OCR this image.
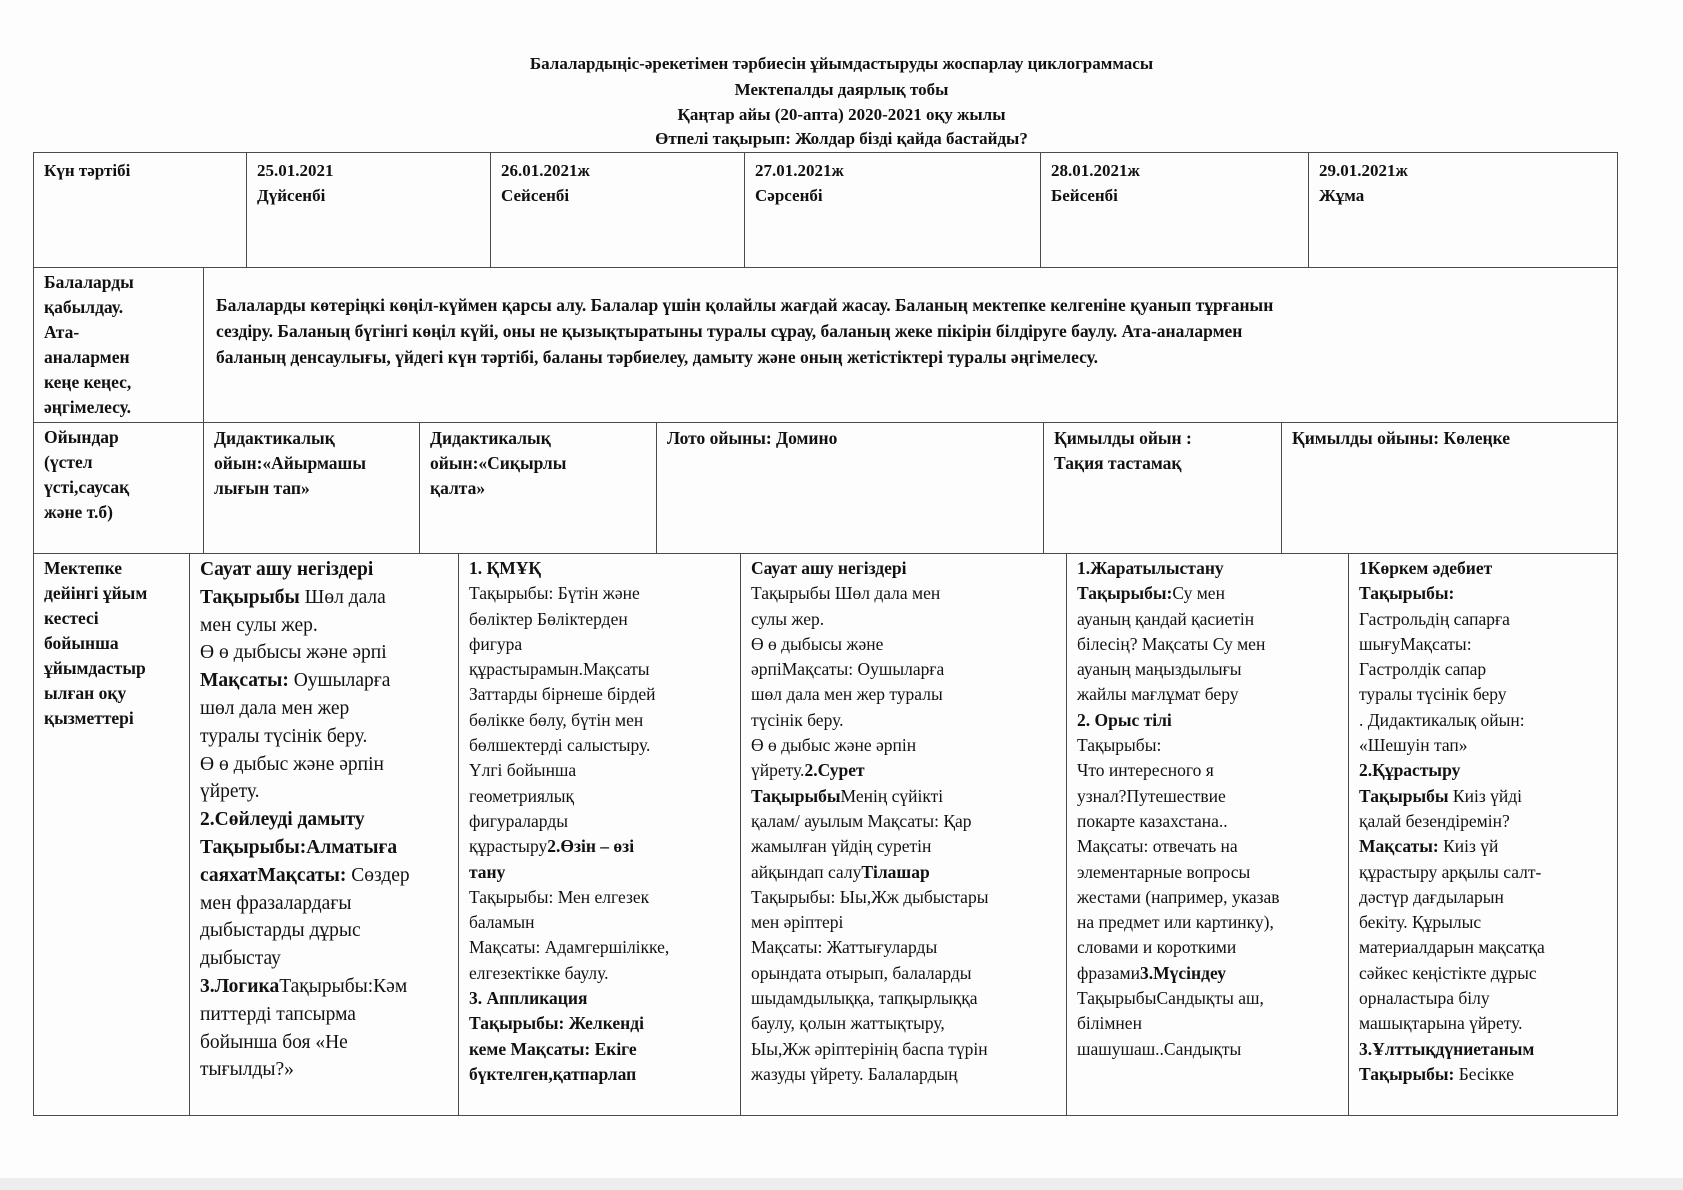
Балалардыңіс-әрекетімен тәрбиесін ұйымдастыруды жоспарлау циклограммасы
Мектепалды даярлық тобы
Қаңтар айы (20-апта) 2020-2021 оқу жылы
Өтпелі тақырып: Жолдар бізді қайда бастайды?
Күн тәртібі	25.01.2021
Дүйсенбі
26.01.2021ж
Сейсенбі
27.01.2021ж
Сәрсенбі
28.01.2021ж
Бейсенбі
29.01.2021ж
Жұма
Балаларды
қабылдау.
Ата-
аналармен
кеңе кеңес,
әңгімелесу.
Балаларды көтеріңкі көңіл-күймен қарсы алу. Балалар үшін қолайлы жағдай жасау. Баланың мектепке келгеніне қуанып тұрғанын
сездіру. Баланың бүгінгі көңіл күйі, оны не қызықтыратыны туралы сұрау, баланың жеке пікірін білдіруге баулу. Ата-аналармен
баланың денсаулығы, үйдегі күн тәртібі, баланы тәрбиелеу, дамыту және оның жетістіктері туралы әңгімелесу.
Ойындар
(үстел
үсті,саусақ
және т.б)
Дидактикалық
ойын:«Айырмашы
лығын тап»
Дидактикалық
ойын:«Сиқырлы
қалта»
Лото ойыны: Домино	Қимылды ойын :
Тақия тастамақ
Қимылды ойыны: Көлеңке
Мектепке
дейінгі ұйым
кестесі
бойынша
ұйымдастыр
ылған оқу
қызметтері
Сауат ашу негіздері
Тақырыбы Шөл дала
мен сулы жер.
Ө ө дыбысы және әрпі
Мақсаты: Оушыларға
шөл дала мен жер
туралы түсінік беру.
Ө ө дыбыс және әрпін
үйрету.
2.Сөйлеуді дамыту
Тақырыбы:Алматыға
саяхатМақсаты: Сөздер
мен фразалардағы
дыбыстарды дұрыс
дыбыстау
3.ЛогикаТақырыбы:Кәм
питтерді тапсырма
бойынша боя «Не
тығылды?»
1. ҚМҰҚ
Тақырыбы: Бүтін және
бөліктер Бөліктерден
фигура
құрастырамын.Мақсаты
Заттарды бірнеше бірдей
бөлікке бөлу, бүтін мен
бөлшектерді салыстыру.
Үлгі бойынша
геометриялық
фигураларды
құрастыру2.Өзін – өзі
тану
Тақырыбы: Мен елгезек
баламын
Мақсаты: Адамгершілікке,
елгезектікке баулу.
3. Аппликация
Тақырыбы: Желкенді
кеме Мақсаты: Екіге
бүктелген,қатпарлап
Сауат ашу негіздері
Тақырыбы Шөл дала мен
сулы жер.
Ө ө дыбысы және
әрпіМақсаты: Оушыларға
шөл дала мен жер туралы
түсінік беру.
Ө ө дыбыс және әрпін
үйрету.2.Сурет
ТақырыбыМенің сүйікті
қалам/ ауылым Мақсаты: Қар
жамылған үйдің суретін
айқындап салуТілашар
Тақырыбы: Ыы,Жж дыбыстары
мен әріптері
Мақсаты: Жаттығуларды
орындата отырып, балаларды
шыдамдылыққа, тапқырлыққа
баулу, қолын жаттықтыру,
Ыы,Жж әріптерінің баспа түрін
жазуды үйрету. Балалардың
1.Жаратылыстану
Тақырыбы:Су мен
ауаның қандай қасиетін
білесің? Мақсаты Су мен
ауаның маңыздылығы
жайлы мағлұмат беру
2. Орыс тілі
Тақырыбы:
Что интересного я
узнал?Путешествие
покарте казахстана..
Мақсаты: отвечать на
элементарные вопросы
жестами (например, указав
на предмет или картинку),
словами и короткими
фразами3.Мүсіндеу
ТақырыбыСандықты аш,
білімнен
шашушаш..Сандықты
1Көркем әдебиет
Тақырыбы:
Гастрольдің сапарға
шығуМақсаты:
Гастролдік сапар
туралы түсінік беру
. Дидактикалық ойын:
«Шешуін тап»
2.Құрастыру
Тақырыбы Киіз үйді
қалай безендіремін?
Мақсаты: Киіз үй
құрастыру арқылы салт-
дәстүр дағдыларын
бекіту. Құрылыс
материалдарын мақсатқа
сәйкес кеңістікте дұрыс
орналастыра білу
машықтарына үйрету.
3.Ұлттықдүниетаным
Тақырыбы: Бесікке
